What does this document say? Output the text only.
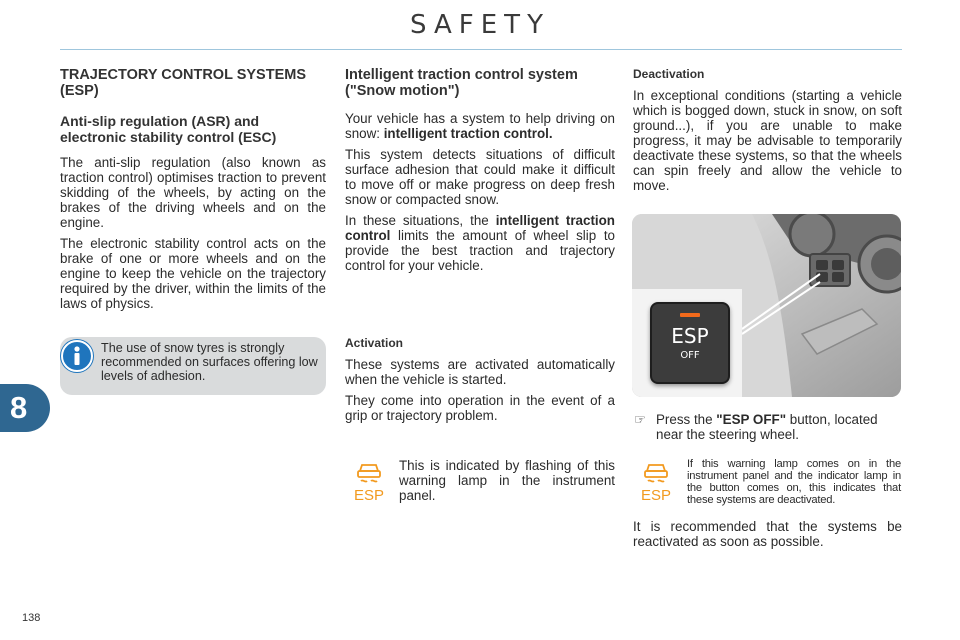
SAFETY
TRAJECTORY CONTROL SYSTEMS (ESP)
Anti-slip regulation (ASR) and electronic stability control (ESC)

The anti-slip regulation (also known as traction control) optimises traction to prevent skidding of the wheels, by acting on the brakes of the driving wheels and on the engine.

The electronic stability control acts on the brake of one or more wheels and on the engine to keep the vehicle on the trajectory required by the driver, within the limits of the laws of physics.

The use of snow tyres is strongly recommended on surfaces offering low levels of adhesion.
Intelligent traction control system ("Snow motion")

Your vehicle has a system to help driving on snow: intelligent traction control.

This system detects situations of difficult surface adhesion that could make it difficult to move off or make progress on deep fresh snow or compacted snow.

In these situations, the intelligent traction control limits the amount of wheel slip to provide the best traction and trajectory control for your vehicle.

Activation

These systems are activated automatically when the vehicle is started.

They come into operation in the event of a grip or trajectory problem.

ESP
This is indicated by flashing of this warning lamp in the instrument panel.
Deactivation

In exceptional conditions (starting a vehicle which is bogged down, stuck in snow, on soft ground...), if you are unable to make progress, it may be advisable to temporarily deactivate these systems, so that the wheels can spin freely and allow the vehicle to move.

ESP
OFF
☞ Press the "ESP OFF" button, located near the steering wheel.
ESP
If this warning lamp comes on in the instrument panel and the indicator lamp in the button comes on, this indicates that these systems are deactivated.
It is recommended that the systems be reactivated as soon as possible.
8
138
